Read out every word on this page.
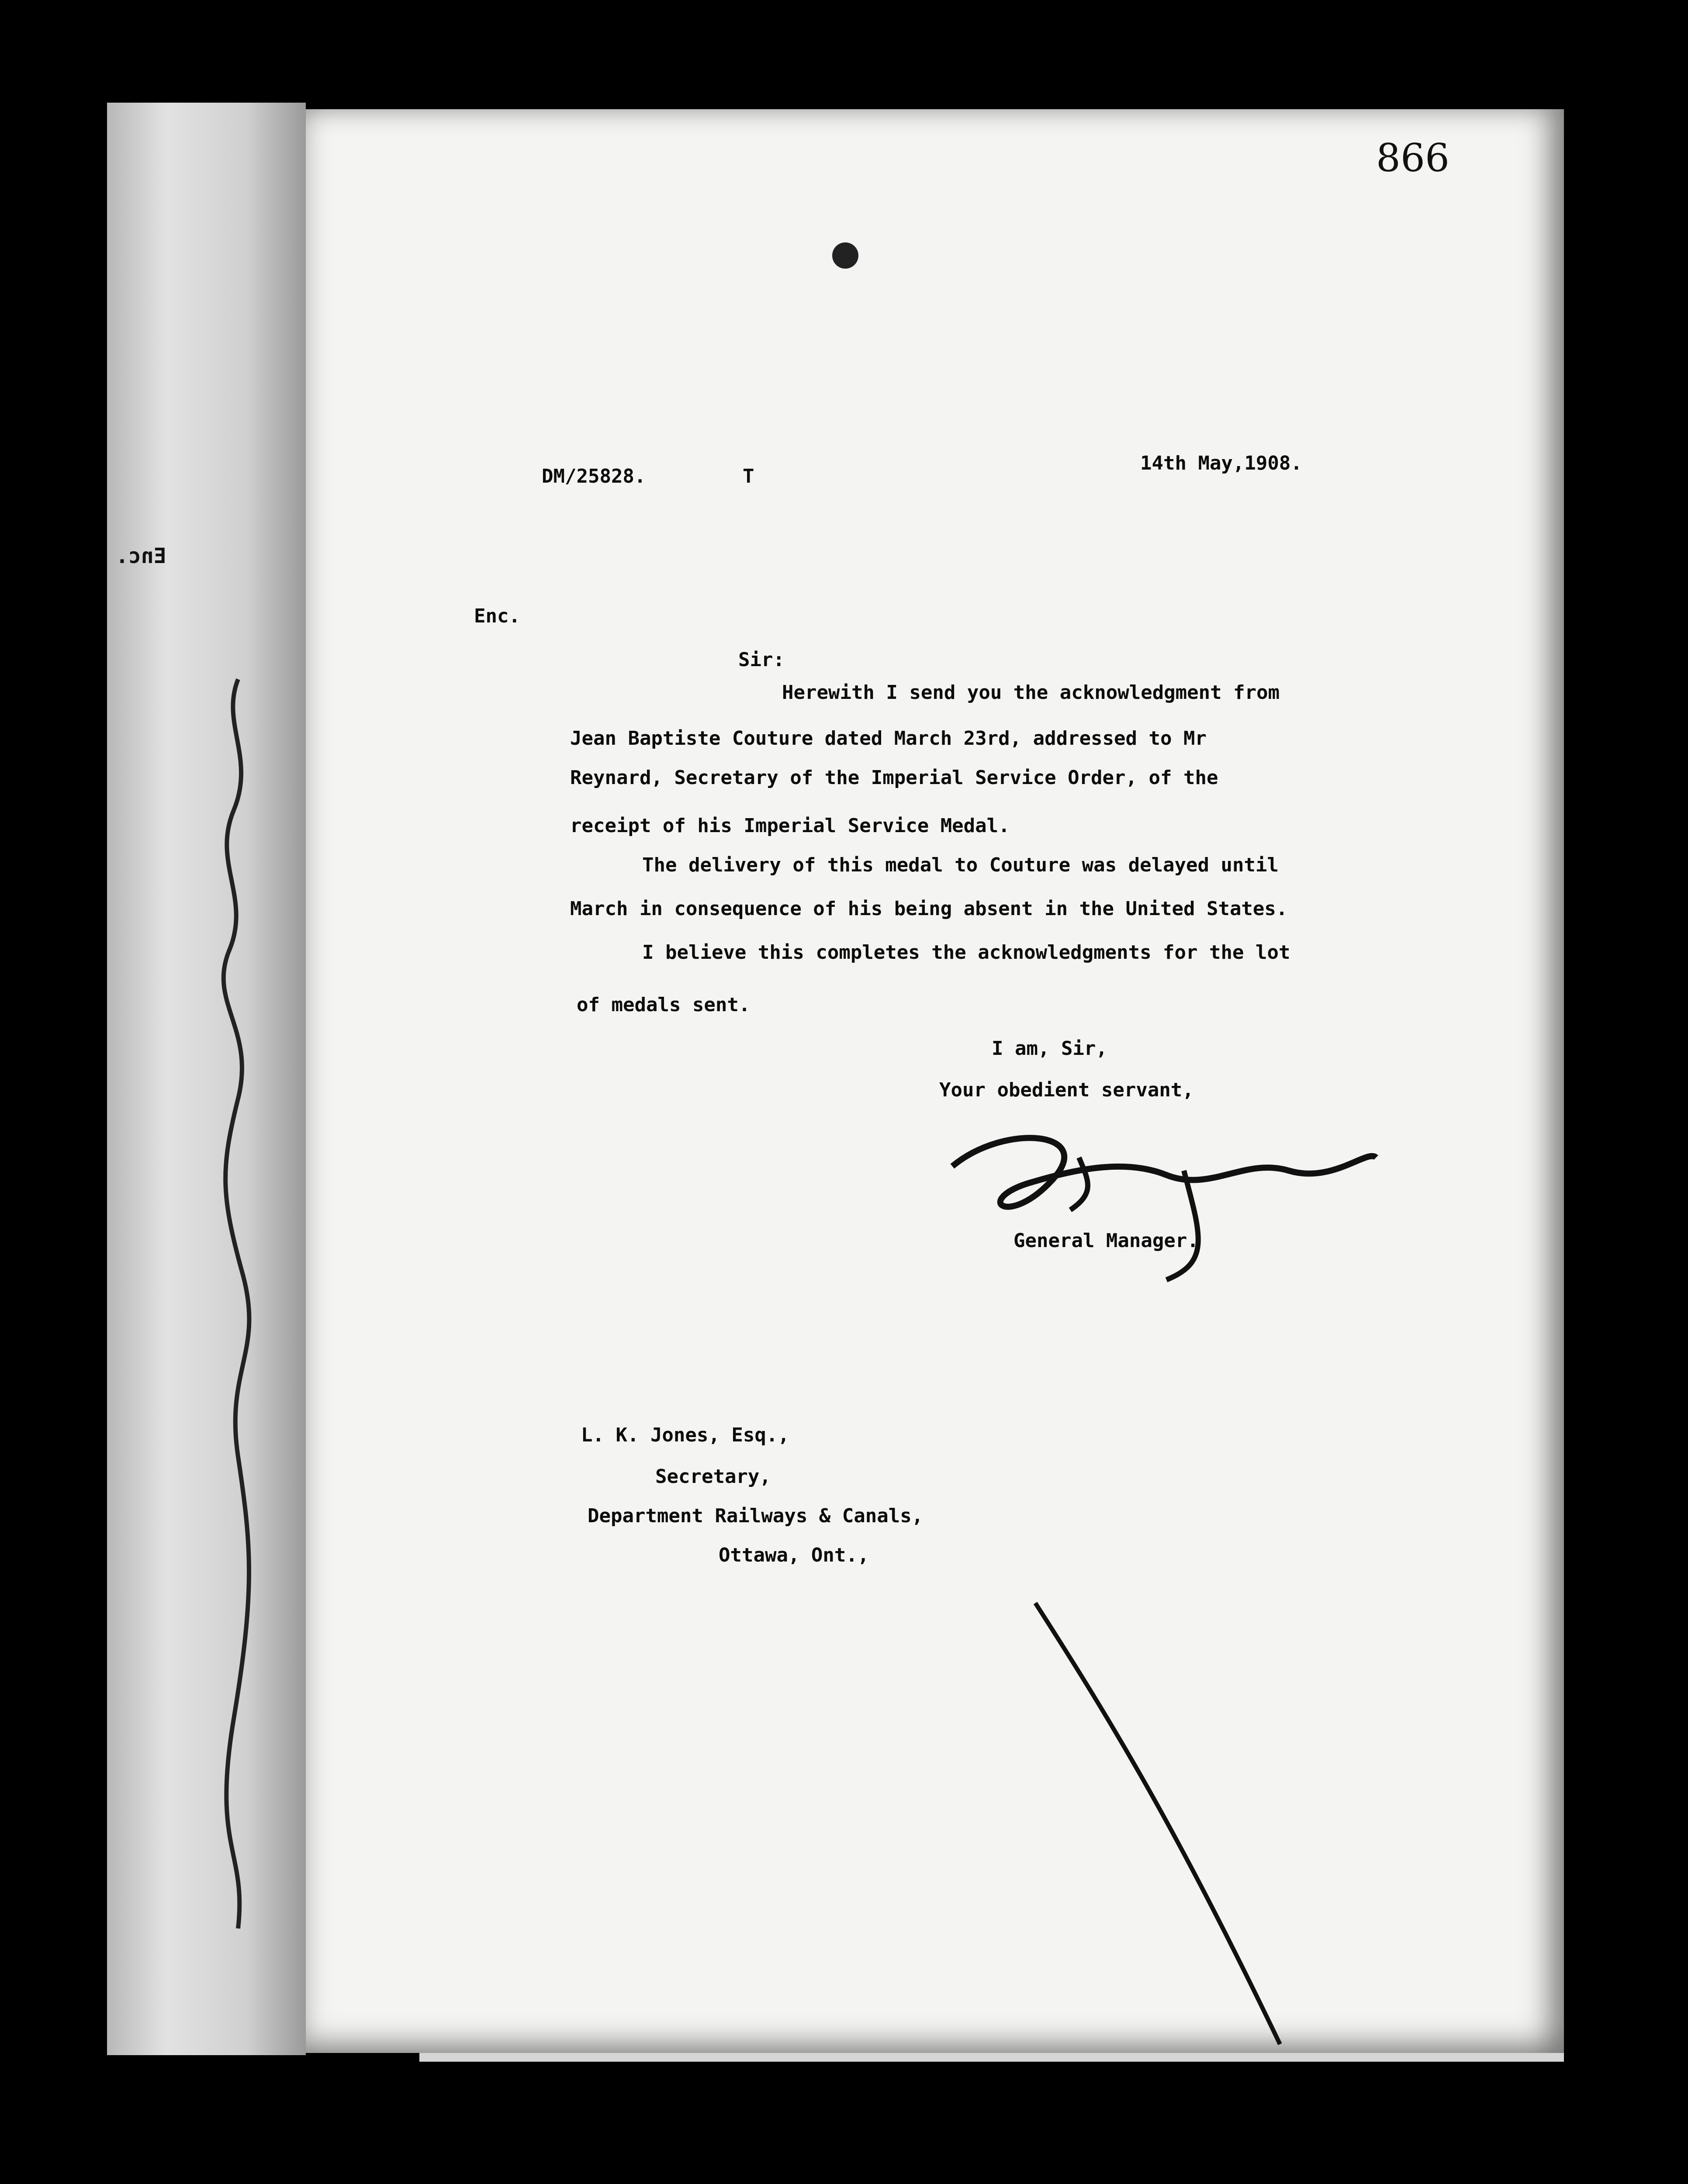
Enc.
866
DM/25828.	T
14th May,1908.
Enc.
Sir:
Herewith I send you the acknowledgment from
Jean Baptiste Couture dated March 23rd, addressed to Mr
Reynard, Secretary of the Imperial Service Order, of the
receipt of his Imperial Service Medal.
The delivery of this medal to Couture was delayed until
March in consequence of his being absent in the United States.
I believe this completes the acknowledgments for the lot
of medals sent.
I am, Sir,
Your obedient servant,
General Manager.
L. K. Jones, Esq.,
Secretary,
Department Railways & Canals,
Ottawa, Ont.,
